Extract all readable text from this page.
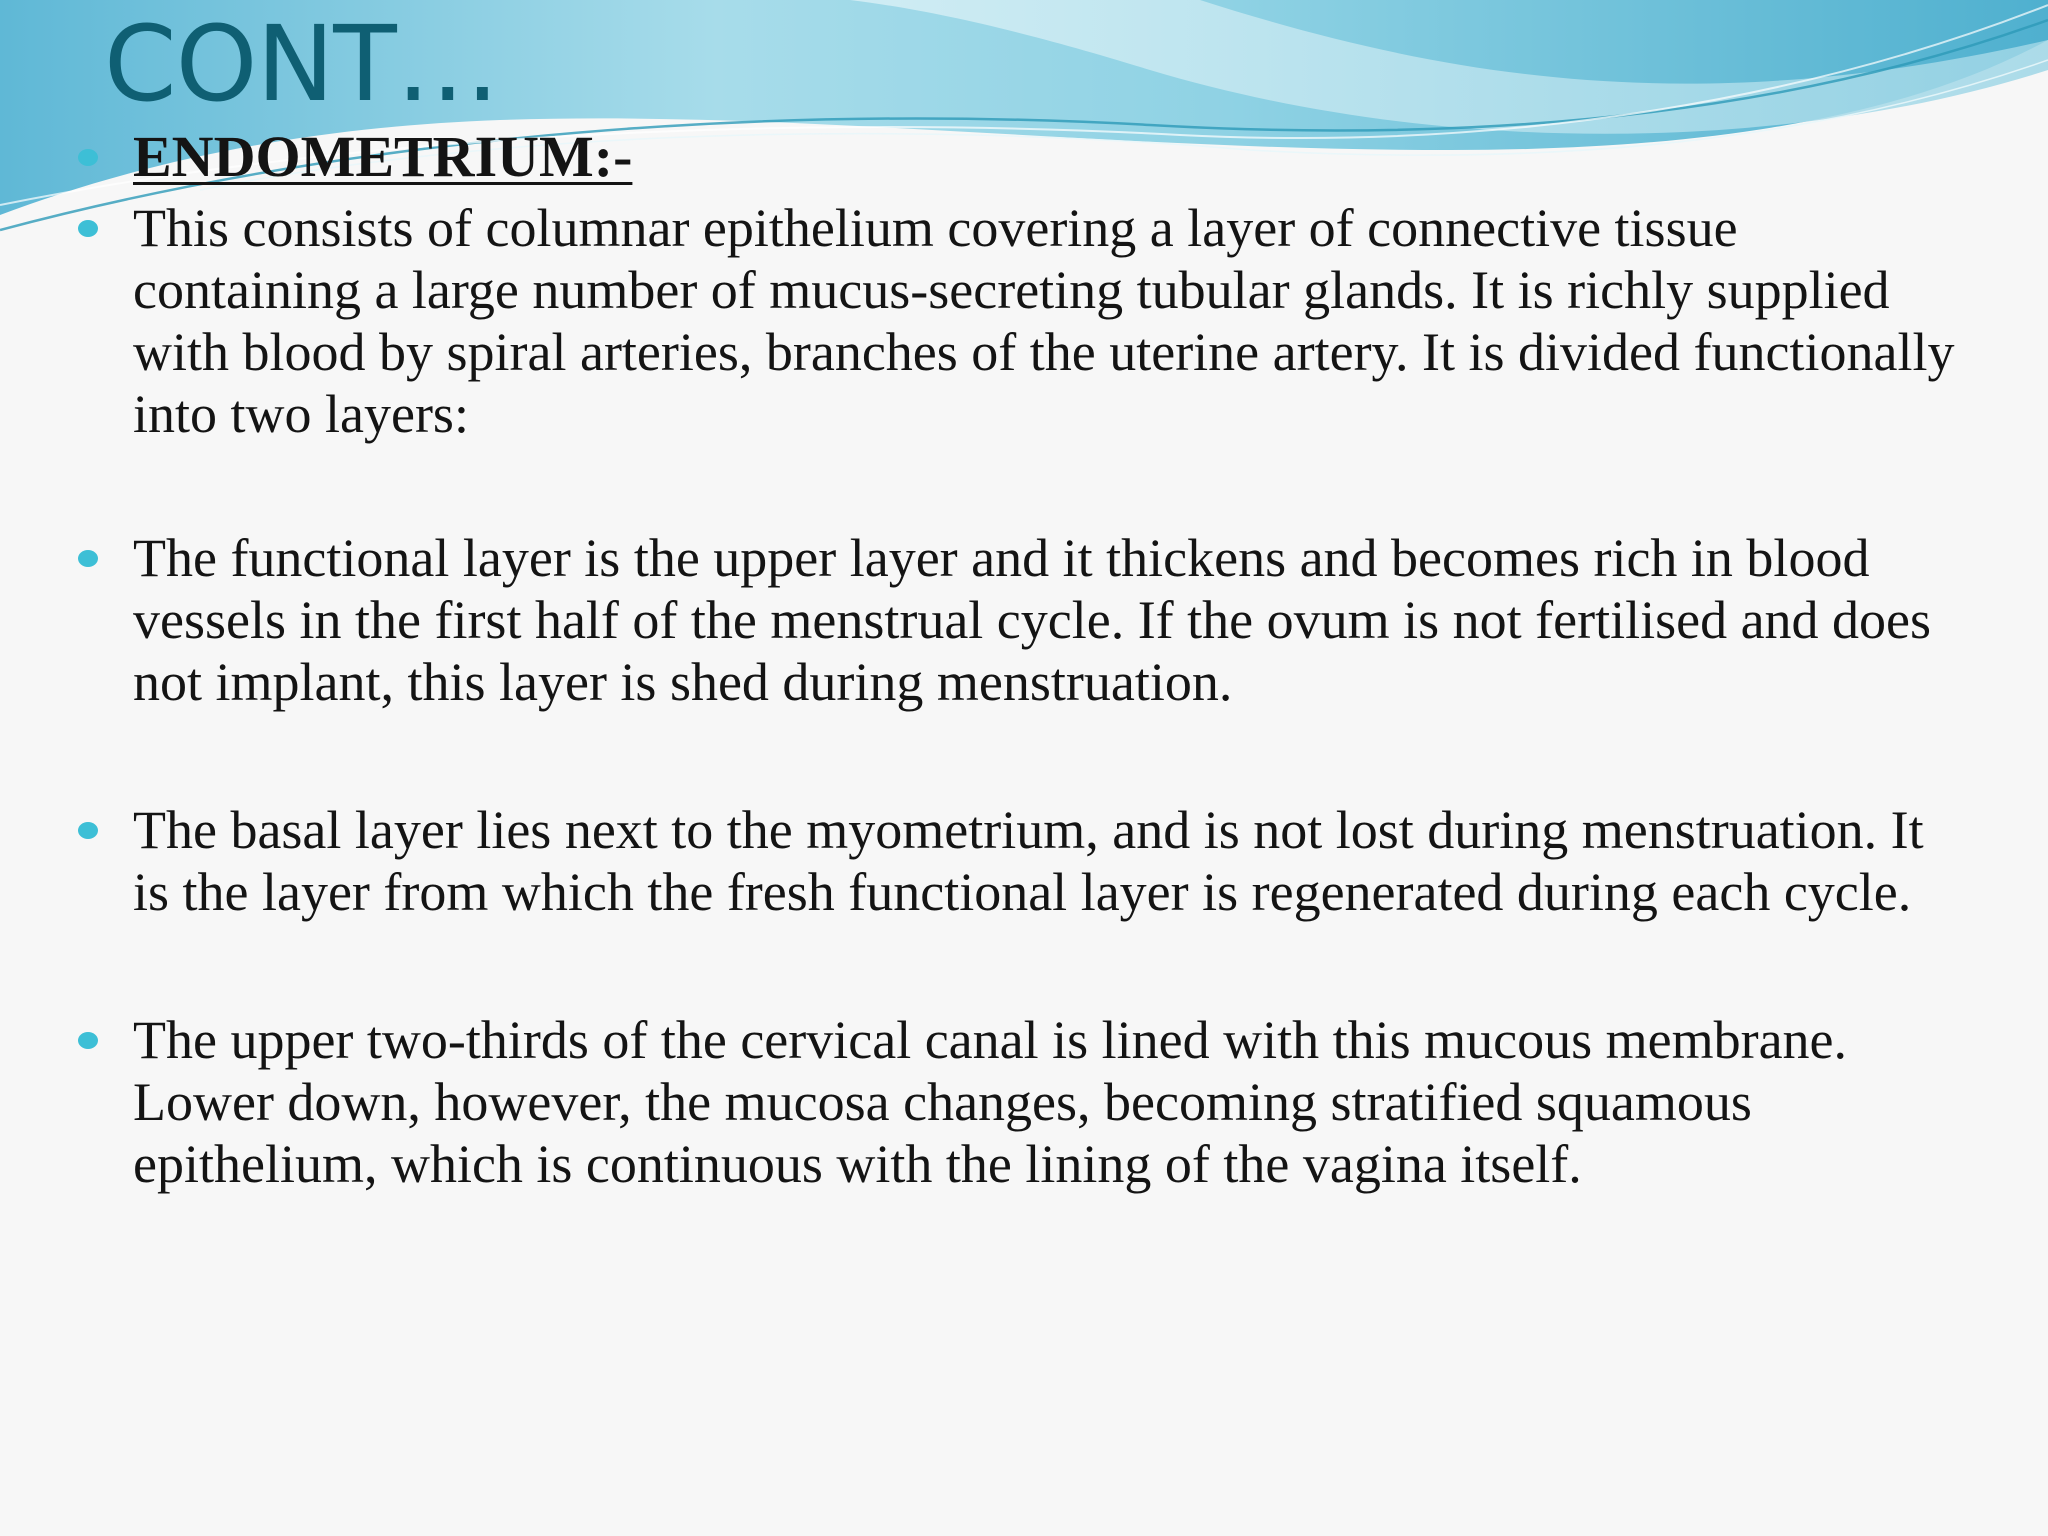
CONT…
ENDOMETRIUM:-
This consists of columnar epithelium covering a layer of connective tissue containing a large number of mucus-secreting tubular glands. It is richly supplied with blood by spiral arteries, branches of the uterine artery. It is divided functionally into two layers:
The functional layer is the upper layer and it thickens and becomes rich in blood vessels in the first half of the menstrual cycle. If the ovum is not fertilised and does not implant, this layer is shed during menstruation.
The basal layer lies next to the myometrium, and is not lost during menstruation. It is the layer from which the fresh functional layer is regenerated during each cycle.
The upper two-thirds of the cervical canal is lined with this mucous membrane. Lower down, however, the mucosa changes, becoming stratified squamous epithelium, which is continuous with the lining of the vagina itself.
